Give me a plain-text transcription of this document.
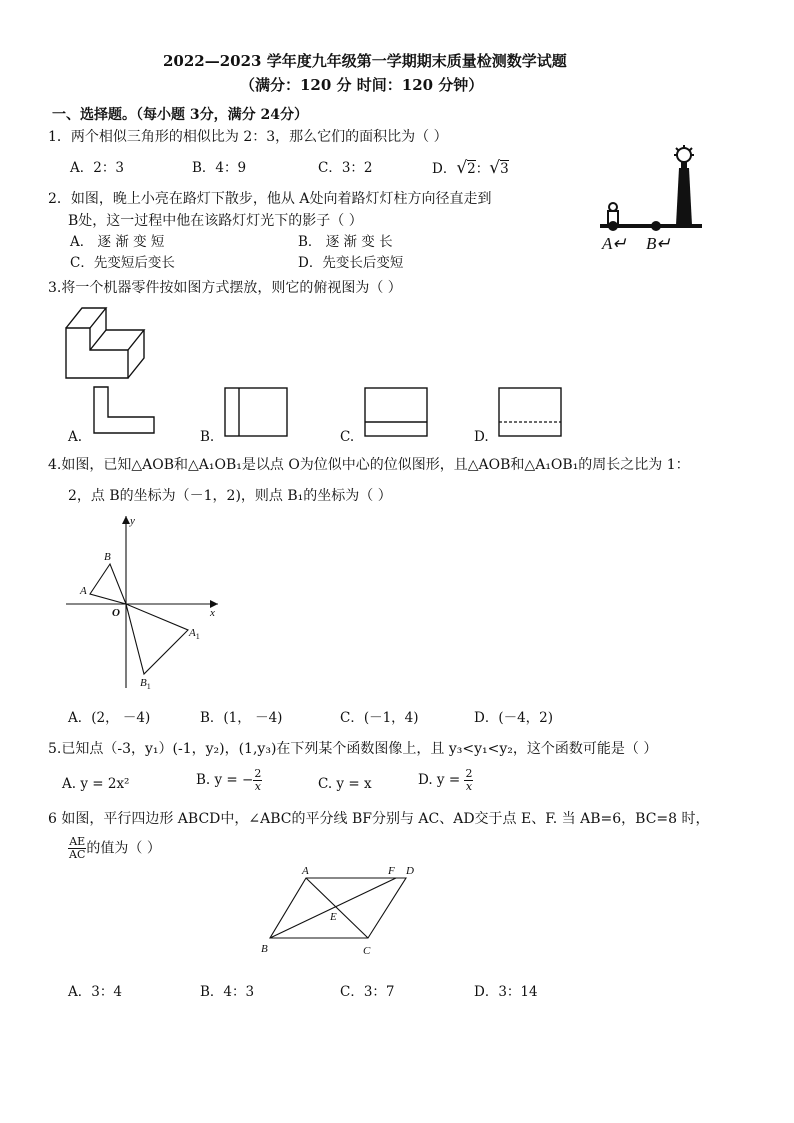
2022—2023 学年度九年级第一学期期末质量检测数学试题
（满分：120 分 时间：120 分钟）
一、选择题。（每小题 3分，满分 24分）
1．两个相似三角形的相似比为 2：3，那么它们的面积比为（ ）
A．2：3	B．4：9	C．3：2	D．√2：√3
2．如图，晚上小亮在路灯下散步，他从 A处向着路灯灯柱方向径直走到
B处，这一过程中他在该路灯灯光下的影子（ ）
A． 逐 渐 变 短	B． 逐 渐 变 长
C．先变短后变长	D．先变长后变短
A↵ B↵
3.将一个机器零件按如图方式摆放，则它的俯视图为（ ）
A.	B.	C.	D.
4.如图，已知△AOB和△A₁OB₁是以点 O为位似中心的位似图形，且△AOB和△A₁OB₁的周长之比为 1：
2，点 B的坐标为（－1，2)，则点 B₁的坐标为（ ）
y
x
O
A
B
$A_1$
$B_1$
A．(2， －4)	B．(1， －4)	C．(－1，4)	D．(－4，2)
5.已知点（-3，y₁）(-1，y₂)，(1,y₃)在下列某个函数图像上，且 y₃<y₁<y₂，这个函数可能是（ ）
A. y = 2x²	B. y = − $\frac{2}{x}$	C. y = x	D. $y = \frac{2}{x}$
6 如图，平行四边形 ABCD中，∠ABC的平分线 BF分别与 AC、AD交于点 E、F. 当 AB=6，BC=8 时，
$\frac{AE}{AC}$ 的值为（ ）
A	F D
E
B	C
A．3：4	B．4：3	C．3：7	D．3：14
